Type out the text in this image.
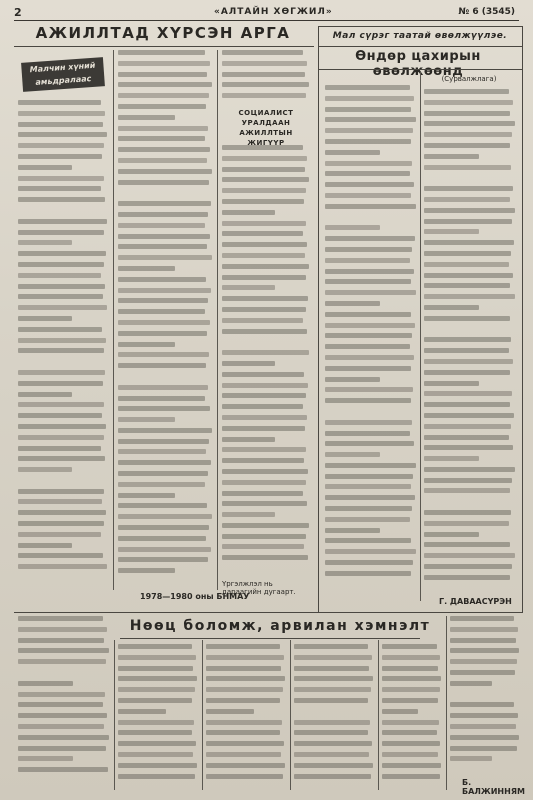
2	«АЛТАЙН ХӨГЖИЛ»	№ 6 (3545)
АЖИЛЛТАД ХҮРСЭН АРГА
Малчин хүний амьдралаас
СОЦИАЛИСТ УРАЛДААН АЖИЛЛТЫН ЖИГҮҮР
1978—1980 оны БНМАУ
Үргэлжлэл нь дараагийн дугаарт.
Мал сүрэг таатай өвөлжүүлэе.
Өндөр цахирын өвөлжөөнд
(Сурвалжлага)
Г. ДАВААСҮРЭН
Нөөц боломж, арвилан хэмнэлт
Б. БАЛЖИННЯМ
